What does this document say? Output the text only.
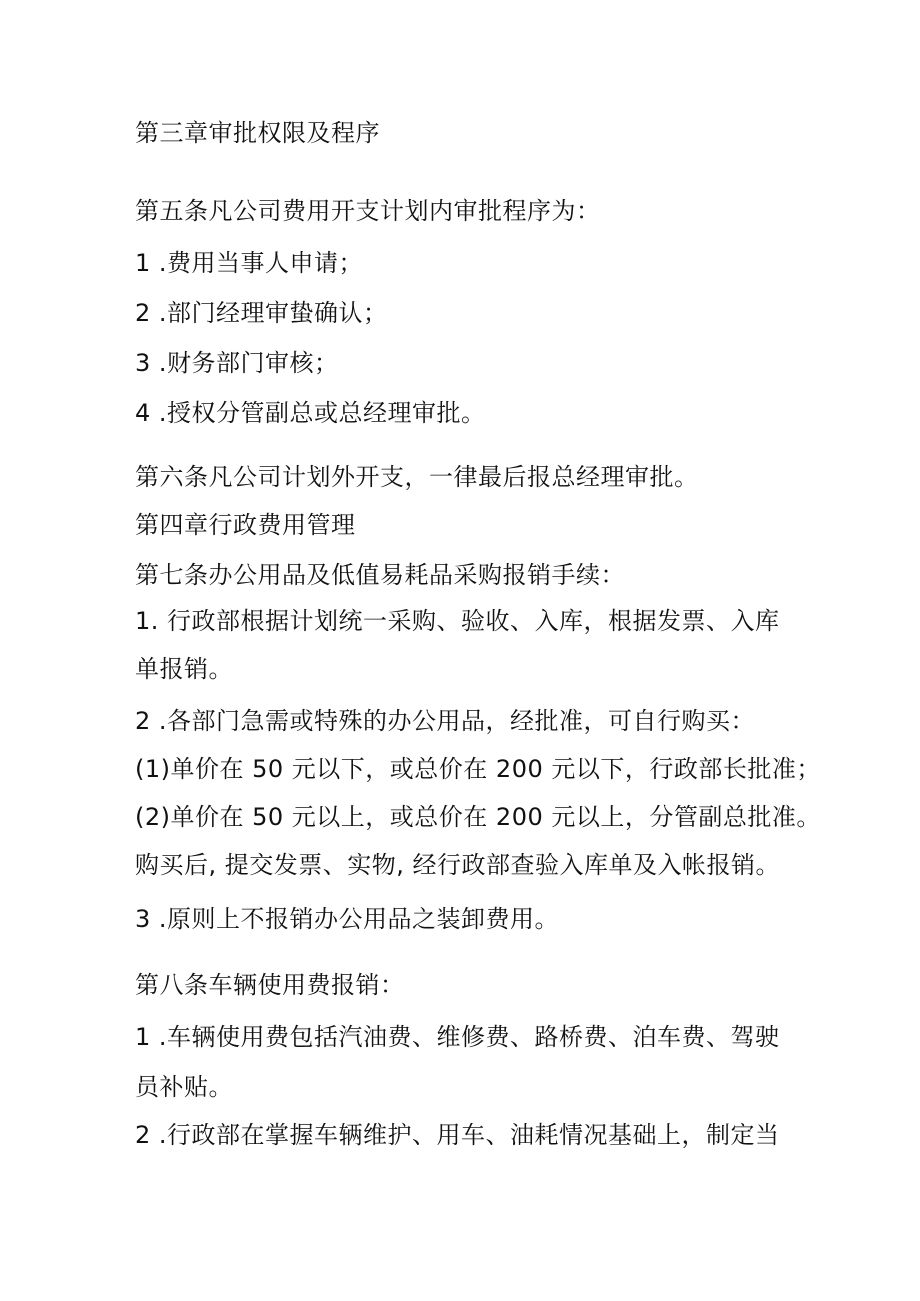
第三章审批权限及程序
第五条凡公司费用开支计划内审批程序为：
1 .费用当事人申请；
2 .部门经理审蛰确认；
3 .财务部门审核；
4 .授权分管副总或总经理审批。
第六条凡公司计划外开支，一律最后报总经理审批。
第四章行政费用管理
第七条办公用品及低值易耗品采购报销手续：
1. 行政部根据计划统一采购、验收、入库，根据发票、入库
单报销。
2 .各部门急需或特殊的办公用品，经批准，可自行购买：
(1)单价在 50 元以下，或总价在 200 元以下，行政部长批准；
(2)单价在 50 元以上，或总价在 200 元以上，分管副总批准。
购买后, 提交发票、实物, 经行政部查验入库单及入帐报销。
3 .原则上不报销办公用品之装卸费用。
第八条车辆使用费报销：
1 .车辆使用费包括汽油费、维修费、路桥费、泊车费、驾驶
员补贴。
2 .行政部在掌握车辆维护、用车、油耗情况基础上，制定当
